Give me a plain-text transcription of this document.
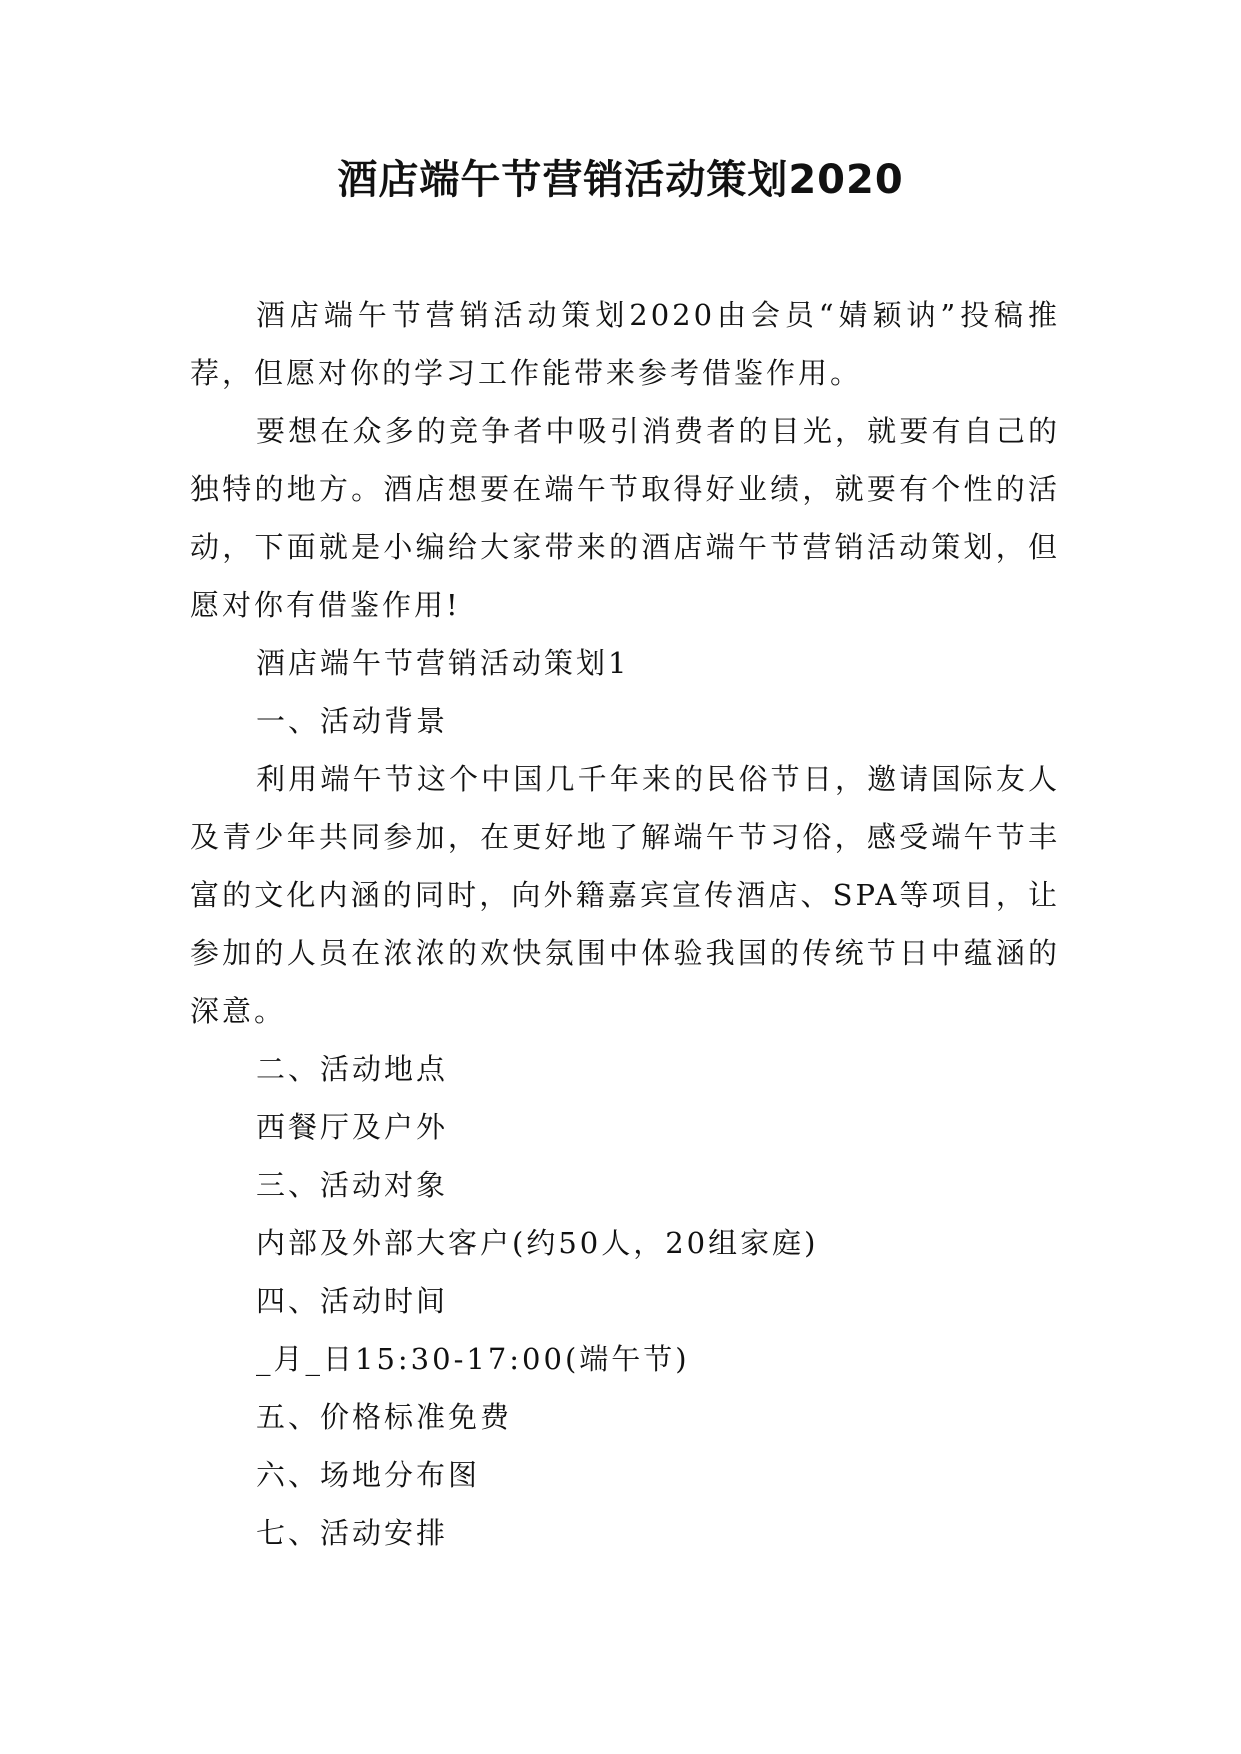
酒店端午节营销活动策划2020

酒店端午节营销活动策划2020由会员“婧颖讷”投稿推荐，但愿对你的学习工作能带来参考借鉴作用。

要想在众多的竞争者中吸引消费者的目光，就要有自己的独特的地方。酒店想要在端午节取得好业绩，就要有个性的活动，下面就是小编给大家带来的酒店端午节营销活动策划，但愿对你有借鉴作用!

酒店端午节营销活动策划1

一、活动背景

利用端午节这个中国几千年来的民俗节日，邀请国际友人及青少年共同参加，在更好地了解端午节习俗，感受端午节丰富的文化内涵的同时，向外籍嘉宾宣传酒店、SPA等项目，让参加的人员在浓浓的欢快氛围中体验我国的传统节日中蕴涵的深意。

二、活动地点

西餐厅及户外

三、活动对象

内部及外部大客户(约50人，20组家庭)

四、活动时间

_月_日15:30-17:00(端午节)

五、价格标准免费

六、场地分布图

七、活动安排
